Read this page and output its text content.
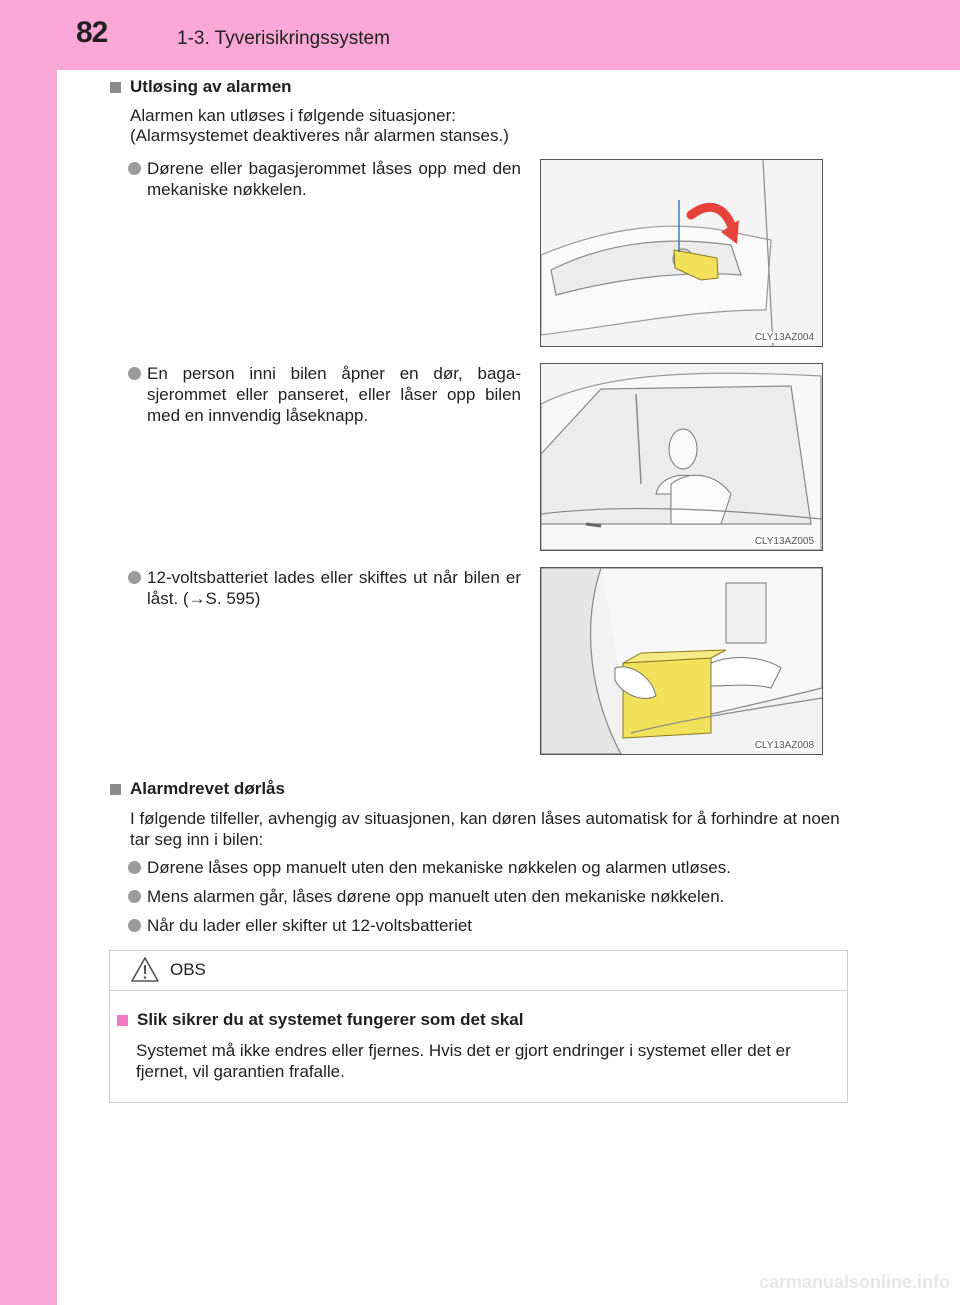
82	1-3. Tyverisikringssystem
Utløsing av alarmen
Alarmen kan utløses i følgende situasjoner:
(Alarmsystemet deaktiveres når alarmen stanses.)
Dørene eller bagasjerommet låses opp med den mekaniske nøkkelen.
CLY13AZ004
En person inni bilen åpner en dør, baga-sjerommet eller panseret, eller låser opp bilen med en innvendig låseknapp.
CLY13AZ005
12-voltsbatteriet lades eller skiftes ut når bilen er låst. (→S. 595)
CLY13AZ008
Alarmdrevet dørlås
I følgende tilfeller, avhengig av situasjonen, kan døren låses automatisk for å forhindre at noen tar seg inn i bilen:
Dørene låses opp manuelt uten den mekaniske nøkkelen og alarmen utløses.
Mens alarmen går, låses dørene opp manuelt uten den mekaniske nøkkelen.
Når du lader eller skifter ut 12-voltsbatteriet
OBS
Slik sikrer du at systemet fungerer som det skal
Systemet må ikke endres eller fjernes. Hvis det er gjort endringer i systemet eller det er fjernet, vil garantien frafalle.
carmanualsonline.info
